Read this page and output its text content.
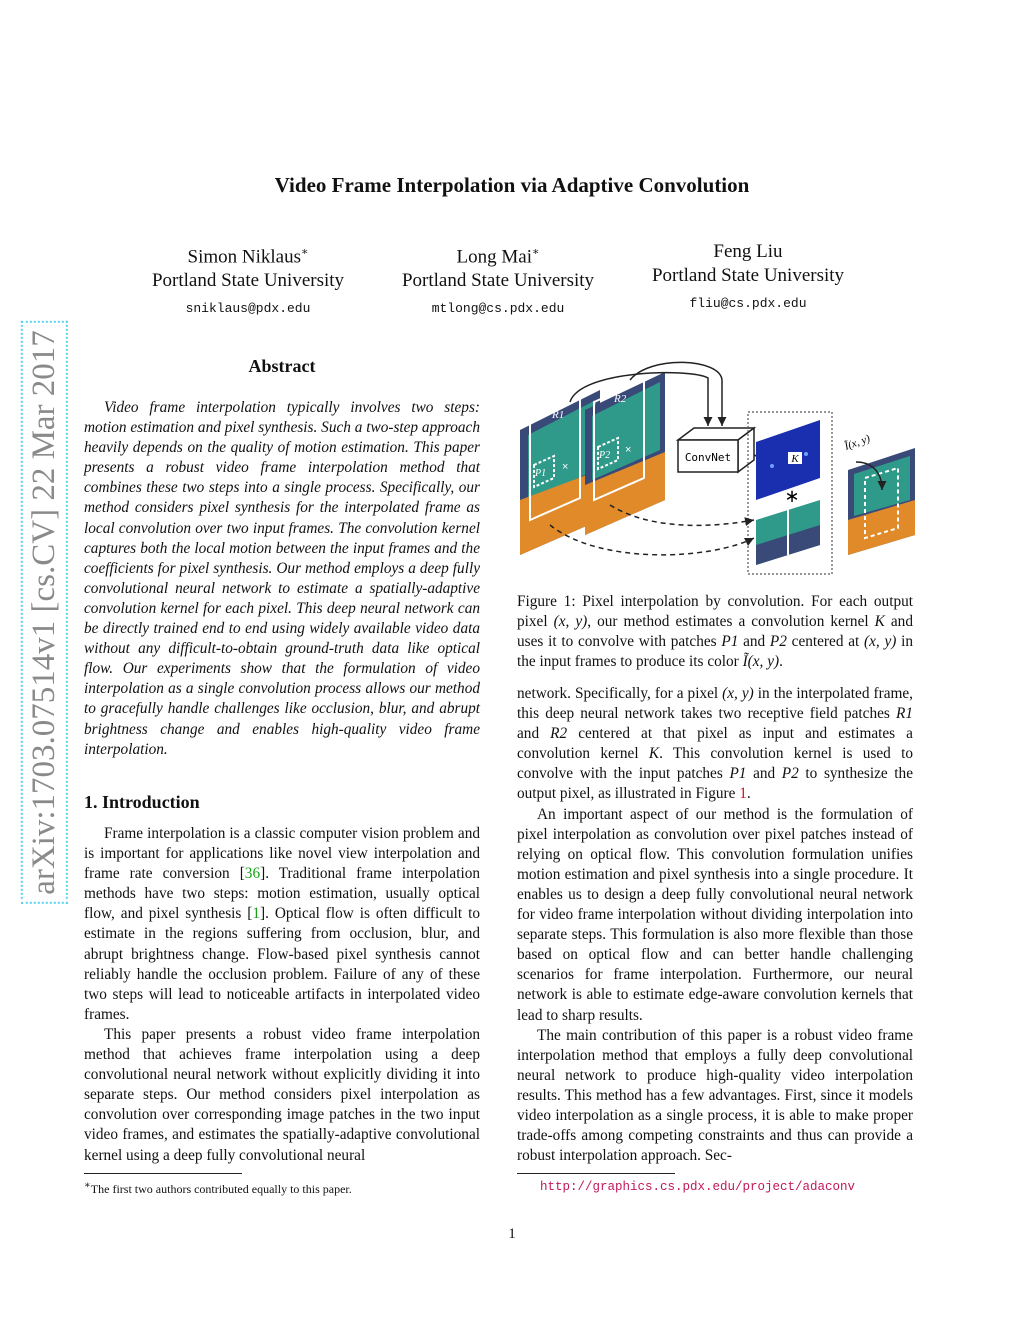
arXiv:1703.07514v1 [cs.CV] 22 Mar 2017
Video Frame Interpolation via Adaptive Convolution
Simon Niklaus∗
Portland State University
sniklaus@pdx.edu
Long Mai∗
Portland State University
mtlong@cs.pdx.edu
Feng Liu
Portland State University
fliu@cs.pdx.edu
Abstract

Video frame interpolation typically involves two steps: motion estimation and pixel synthesis. Such a two-step approach heavily depends on the quality of motion estimation. This paper presents a robust video frame interpolation method that combines these two steps into a single process. Specifically, our method considers pixel synthesis for the interpolated frame as local convolution over two input frames. The convolution kernel captures both the local motion between the input frames and the coefficients for pixel synthesis. Our method employs a deep fully convolutional neural network to estimate a spatially-adaptive convolution kernel for each pixel. This deep neural network can be directly trained end to end using widely available video data without any difficult-to-obtain ground-truth data like optical flow. Our experiments show that the formulation of video interpolation as a single convolution process allows our method to gracefully handle challenges like occlusion, blur, and abrupt brightness change and enables high-quality video frame interpolation.

1. Introduction

Frame interpolation is a classic computer vision problem and is important for applications like novel view interpolation and frame rate conversion [36]. Traditional frame interpolation methods have two steps: motion estimation, usually optical flow, and pixel synthesis [1]. Optical flow is often difficult to estimate in the regions suffering from occlusion, blur, and abrupt brightness change. Flow-based pixel synthesis cannot reliably handle the occlusion problem. Failure of any of these two steps will lead to noticeable artifacts in interpolated video frames.

This paper presents a robust video frame interpolation method that achieves frame interpolation using a deep convolutional neural network without explicitly dividing it into separate steps. Our method considers pixel interpolation as convolution over corresponding image patches in the two input video frames, and estimates the spatially-adaptive convolutional kernel using a deep fully convolutional neural

R1
P1
×
R2
P2 ×
ConvNet	K
∗
Ĩ(x, y)
Figure 1: Pixel interpolation by convolution. For each output pixel (x, y), our method estimates a convolution kernel K and uses it to convolve with patches P1 and P2 centered at (x, y) in the input frames to produce its color Ĩ(x, y).

network. Specifically, for a pixel (x, y) in the interpolated frame, this deep neural network takes two receptive field patches R1 and R2 centered at that pixel as input and estimates a convolution kernel K. This convolution kernel is used to convolve with the input patches P1 and P2 to synthesize the output pixel, as illustrated in Figure 1.

An important aspect of our method is the formulation of pixel interpolation as convolution over pixel patches instead of relying on optical flow. This convolution formulation unifies motion estimation and pixel synthesis into a single procedure. It enables us to design a deep fully convolutional neural network for video frame interpolation without dividing interpolation into separate steps. This formulation is also more flexible than those based on optical flow and can better handle challenging scenarios for frame interpolation. Furthermore, our neural network is able to estimate edge-aware convolution kernels that lead to sharp results.

The main contribution of this paper is a robust video frame interpolation method that employs a fully deep convolutional neural network to produce high-quality video interpolation results. This method has a few advantages. First, since it models video interpolation as a single process, it is able to make proper trade-offs among competing constraints and thus can provide a robust interpolation approach. Sec-

∗The first two authors contributed equally to this paper.	http://graphics.cs.pdx.edu/project/adaconv
1
